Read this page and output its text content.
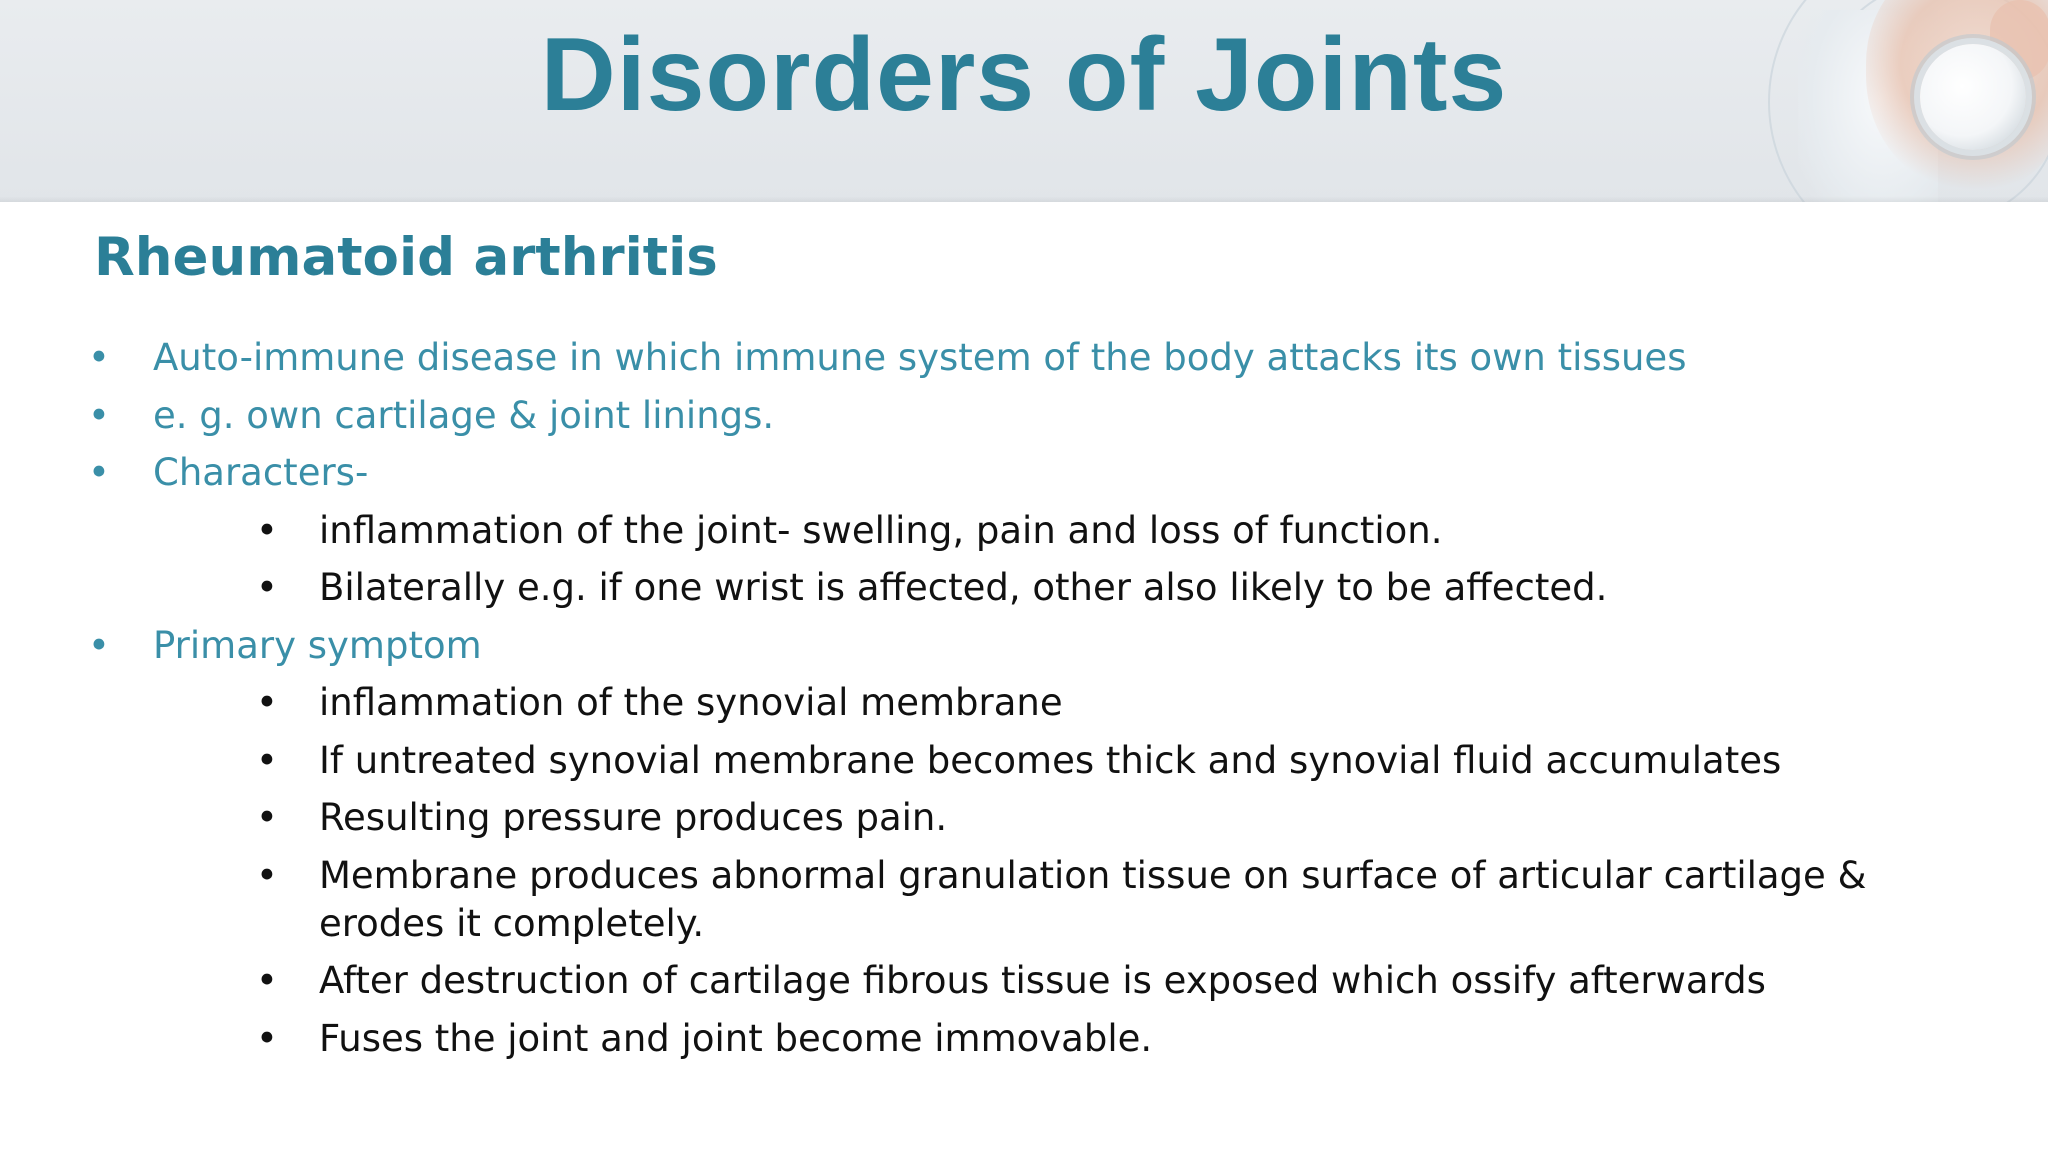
Disorders of Joints
Rheumatoid arthritis
• Auto-immune disease in which immune system of the body attacks its own tissues
• e. g. own cartilage & joint linings.
• Characters-
• inflammation of the joint- swelling, pain and loss of function.
• Bilaterally e.g. if one wrist is affected, other also likely to be affected.
• Primary symptom
• inflammation of the synovial membrane
• If untreated synovial membrane becomes thick and synovial fluid accumulates
• Resulting pressure produces pain.
• Membrane produces abnormal granulation tissue on surface of articular cartilage & erodes it completely.
• After destruction of cartilage fibrous tissue is exposed which ossify afterwards
• Fuses the joint and joint become immovable.
